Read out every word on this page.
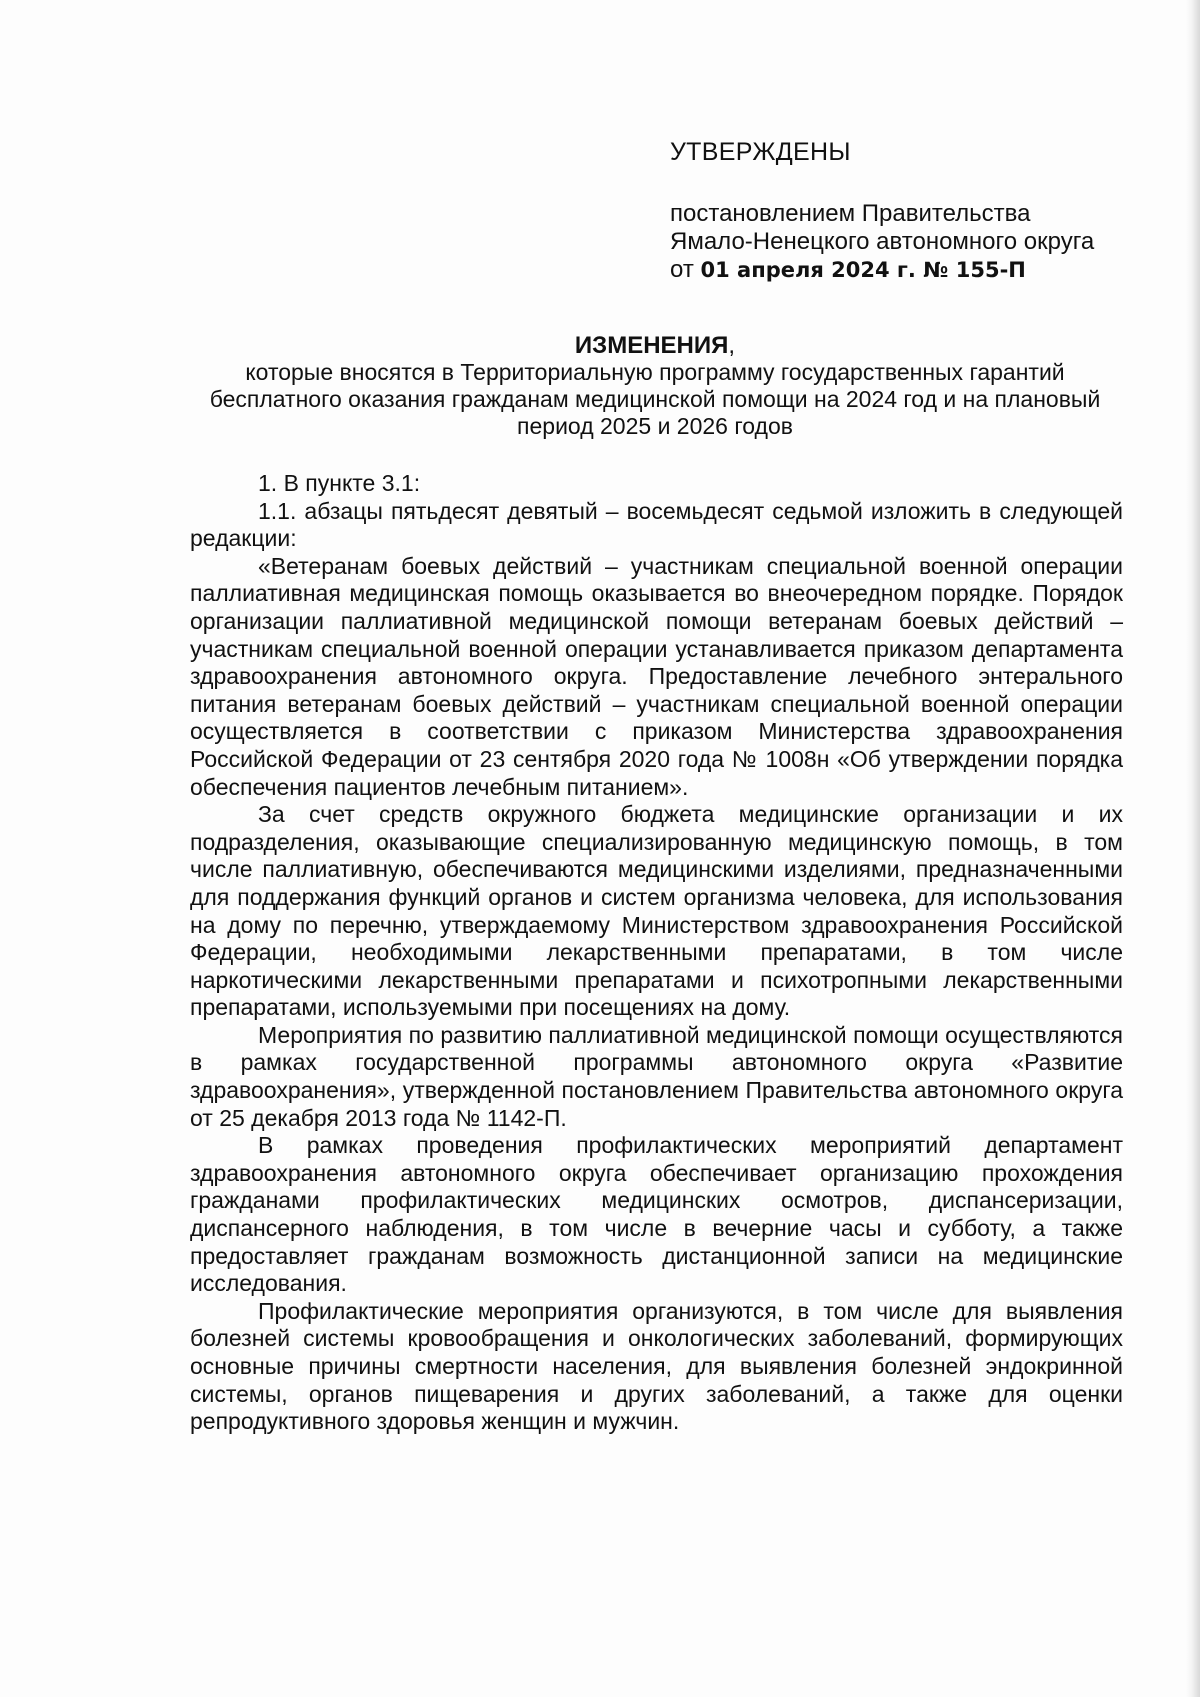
УТВЕРЖДЕНЫ
постановлением Правительства
Ямало-Ненецкого автономного округа
от 01 апреля 2024 г. № 155-П
ИЗМЕНЕНИЯ,
которые вносятся в Территориальную программу государственных гарантий бесплатного оказания гражданам медицинской помощи на 2024 год и на плановый период 2025 и 2026 годов

1. В пункте 3.1:

1.1. абзацы пятьдесят девятый – восемьдесят седьмой изложить в следующей редакции:

«Ветеранам боевых действий – участникам специальной военной операции паллиативная медицинская помощь оказывается во внеочередном порядке. Порядок организации паллиативной медицинской помощи ветеранам боевых действий – участникам специальной военной операции устанавливается приказом департамента здравоохранения автономного округа. Предоставление лечебного энтерального питания ветеранам боевых действий – участникам специальной военной операции осуществляется в соответствии с приказом Министерства здравоохранения Российской Федерации от 23 сентября 2020 года № 1008н «Об утверждении порядка обеспечения пациентов лечебным питанием».

За счет средств окружного бюджета медицинские организации и их подразделения, оказывающие специализированную медицинскую помощь, в том числе паллиативную, обеспечиваются медицинскими изделиями, предназначенными для поддержания функций органов и систем организма человека, для использования на дому по перечню, утверждаемому Министерством здравоохранения Российской Федерации, необходимыми лекарственными препаратами, в том числе наркотическими лекарственными препаратами и психотропными лекарственными препаратами, используемыми при посещениях на дому.

Мероприятия по развитию паллиативной медицинской помощи осуществляются в рамках государственной программы автономного округа «Развитие здравоохранения», утвержденной постановлением Правительства автономного округа от 25 декабря 2013 года № 1142-П.

В рамках проведения профилактических мероприятий департамент здравоохранения автономного округа обеспечивает организацию прохождения гражданами профилактических медицинских осмотров, диспансеризации, диспансерного наблюдения, в том числе в вечерние часы и субботу, а также предоставляет гражданам возможность дистанционной записи на медицинские исследования.

Профилактические мероприятия организуются, в том числе для выявления болезней системы кровообращения и онкологических заболеваний, формирующих основные причины смертности населения, для выявления болезней эндокринной системы, органов пищеварения и других заболеваний, а также для оценки репродуктивного здоровья женщин и мужчин.
